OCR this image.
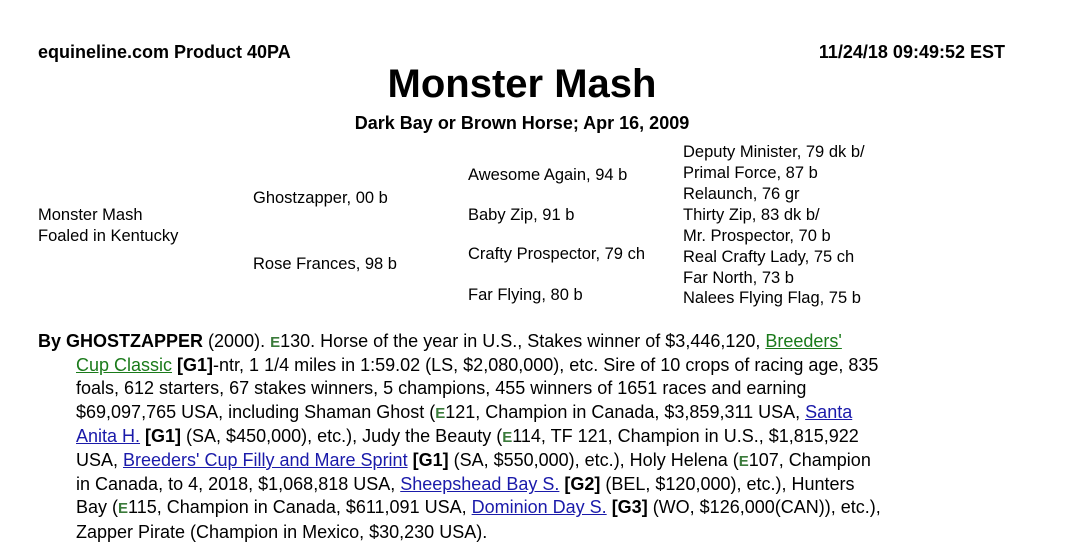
equineline.com Product 40PA	11/24/18 09:49:52 EST
Monster Mash
Dark Bay or Brown Horse; Apr 16, 2009
Monster Mash
Foaled in Kentucky
Ghostzapper, 00 b
Rose Frances, 98 b
Awesome Again, 94 b
Baby Zip, 91 b
Crafty Prospector, 79 ch
Far Flying, 80 b
Deputy Minister, 79 dk b/
Primal Force, 87 b
Relaunch, 76 gr
Thirty Zip, 83 dk b/
Mr. Prospector, 70 b
Real Crafty Lady, 75 ch
Far North, 73 b
Nalees Flying Flag, 75 b
By GHOSTZAPPER (2000). E130. Horse of the year in U.S., Stakes winner of $3,446,120, Breeders'
Cup Classic [G1]-ntr, 1 1/4 miles in 1:59.02 (LS, $2,080,000), etc. Sire of 10 crops of racing age, 835
foals, 612 starters, 67 stakes winners, 5 champions, 455 winners of 1651 races and earning
$69,097,765 USA, including Shaman Ghost (E121, Champion in Canada, $3,859,311 USA, Santa
Anita H. [G1] (SA, $450,000), etc.), Judy the Beauty (E114, TF 121, Champion in U.S., $1,815,922
USA, Breeders' Cup Filly and Mare Sprint [G1] (SA, $550,000), etc.), Holy Helena (E107, Champion
in Canada, to 4, 2018, $1,068,818 USA, Sheepshead Bay S. [G2] (BEL, $120,000), etc.), Hunters
Bay (E115, Champion in Canada, $611,091 USA, Dominion Day S. [G3] (WO, $126,000(CAN)), etc.),
Zapper Pirate (Champion in Mexico, $30,230 USA).
